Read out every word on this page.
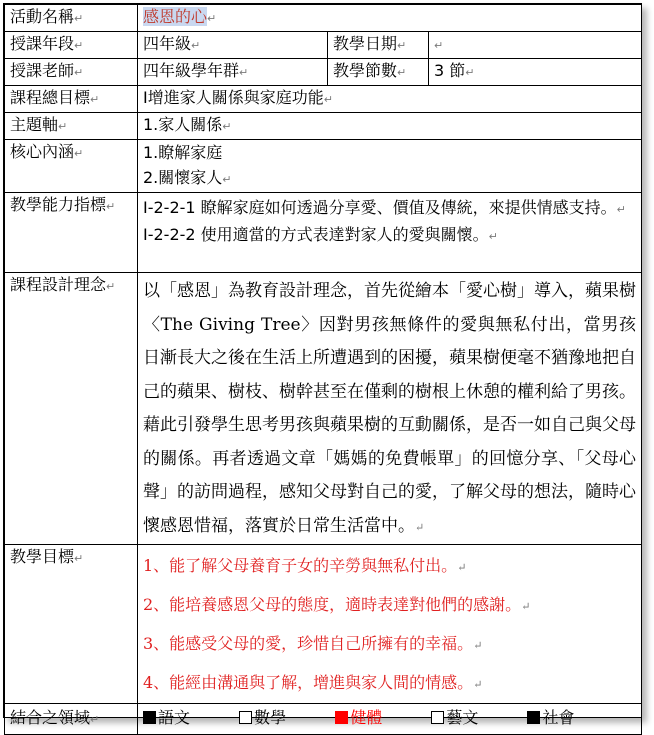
活動名稱↵	感恩的心↵		
授課年段↵	四年級↵	教學日期↵	↵
授課老師↵	四年級學年群↵	教學節數↵	3 節↵
課程總目標↵	Ⅰ增進家人關係與家庭功能↵		
主題軸↵	1.家人關係↵		
核心內涵↵	1.瞭解家庭
2.關懷家人↵		

教學能力指標↵	I-2-2-1 瞭解家庭如何透過分享愛、價值及傳統，來提供情感支持。↵
I-2-2-2 使用適當的方式表達對家人的愛與關懷。↵		

課程設計理念↵	以「感恩」為教育設計理念，首先從繪本「愛心樹」導入，蘋果樹〈The Giving Tree〉因對男孩無條件的愛與無私付出，當男孩日漸長大之後在生活上所遭遇到的困擾，蘋果樹便毫不猶豫地把自己的蘋果、樹枝、樹幹甚至在僅剩的樹根上休憩的權利給了男孩。藉此引發學生思考男孩與蘋果樹的互動關係，是否一如自己與父母的關係。再者透過文章「媽媽的免費帳單」的回憶分享、「父母心聲」的訪問過程，感知父母對自己的愛，了解父母的想法，隨時心懷感恩惜福，落實於日常生活當中。↵		
教學目標↵	1、能了解父母養育子女的辛勞與無私付出。↵
2、能培養感恩父母的態度，適時表達對他們的感謝。↵
3、能感受父母的愛，珍惜自己所擁有的幸福。↵
4、能經由溝通與了解，增進與家人間的情感。↵		

結合之領域↵	語文 數學 健體 藝文 社會		
